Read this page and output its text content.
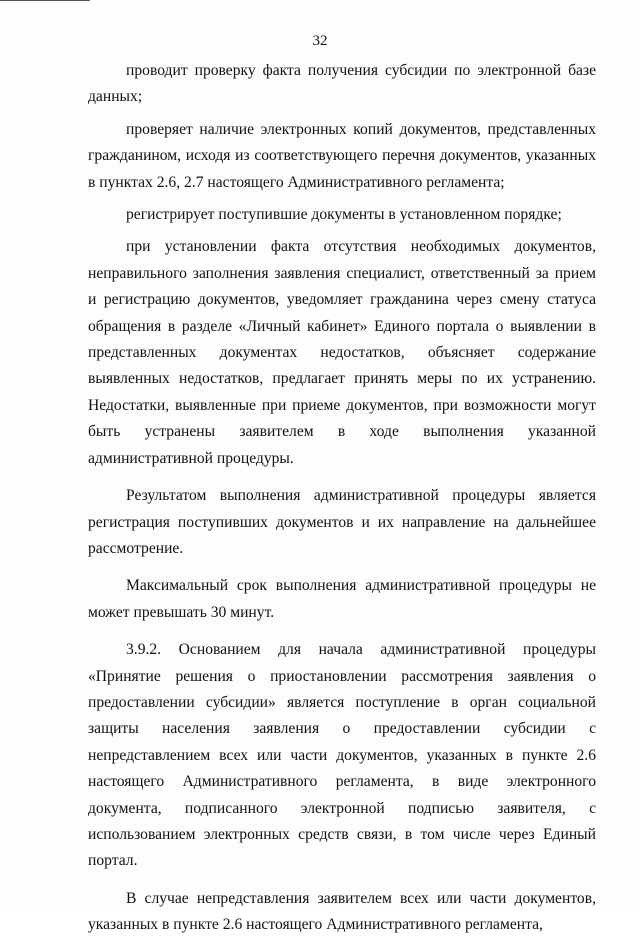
32

проводит проверку факта получения субсидии по электронной базе данных;

проверяет наличие электронных копий документов, представленных гражданином, исходя из соответствующего перечня документов, указанных в пунктах 2.6, 2.7 настоящего Административного регламента;

регистрирует поступившие документы в установленном порядке;

при установлении факта отсутствия необходимых документов, неправильного заполнения заявления специалист, ответственный за прием и регистрацию документов, уведомляет гражданина через смену статуса обращения в разделе «Личный кабинет» Единого портала о выявлении в представленных документах недостатков, объясняет содержание выявленных недостатков, предлагает принять меры по их устранению. Недостатки, выявленные при приеме документов, при возможности могут быть устранены заявителем в ходе выполнения указанной административной процедуры.

Результатом выполнения административной процедуры является регистрация поступивших документов и их направление на дальнейшее рассмотрение.

Максимальный срок выполнения административной процедуры не может превышать 30 минут.

3.9.2. Основанием для начала административной процедуры «Принятие решения о приостановлении рассмотрения заявления о предоставлении субсидии» является поступление в орган социальной защиты населения заявления о предоставлении субсидии с непредставлением всех или части документов, указанных в пункте 2.6 настоящего Административного регламента, в виде электронного документа, подписанного электронной подписью заявителя, с использованием электронных средств связи, в том числе через Единый портал.

В случае непредставления заявителем всех или части документов, указанных в пункте 2.6 настоящего Административного регламента,
